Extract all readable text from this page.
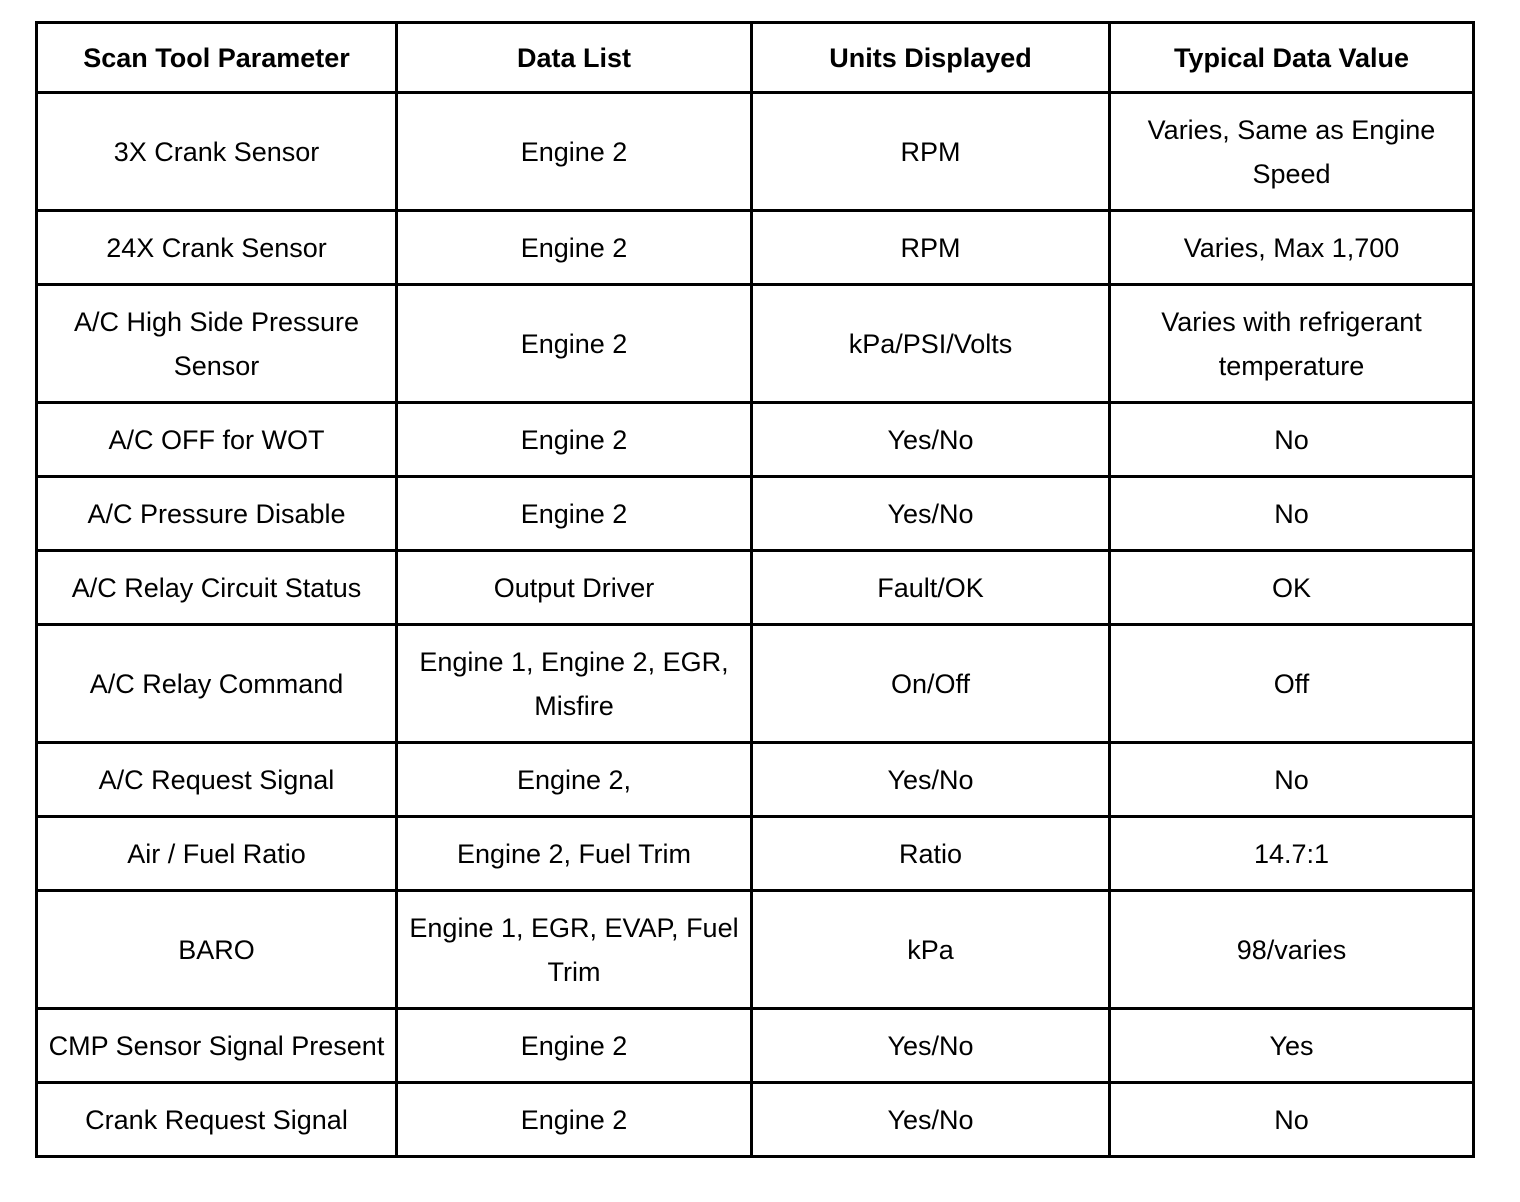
Scan Tool Parameter	Data List	Units Displayed	Typical Data Value
3X Crank Sensor	Engine 2	RPM	Varies, Same as Engine Speed
24X Crank Sensor	Engine 2	RPM	Varies, Max 1,700
A/C High Side Pressure Sensor	Engine 2	kPa/PSI/Volts	Varies with refrigerant temperature
A/C OFF for WOT	Engine 2	Yes/No	No
A/C Pressure Disable	Engine 2	Yes/No	No
A/C Relay Circuit Status	Output Driver	Fault/OK	OK
A/C Relay Command	Engine 1, Engine 2, EGR, Misfire	On/Off	Off
A/C Request Signal	Engine 2,	Yes/No	No
Air / Fuel Ratio	Engine 2, Fuel Trim	Ratio	14.7:1
BARO	Engine 1, EGR, EVAP, Fuel Trim	kPa	98/varies
CMP Sensor Signal Present	Engine 2	Yes/No	Yes
Crank Request Signal	Engine 2	Yes/No	No
